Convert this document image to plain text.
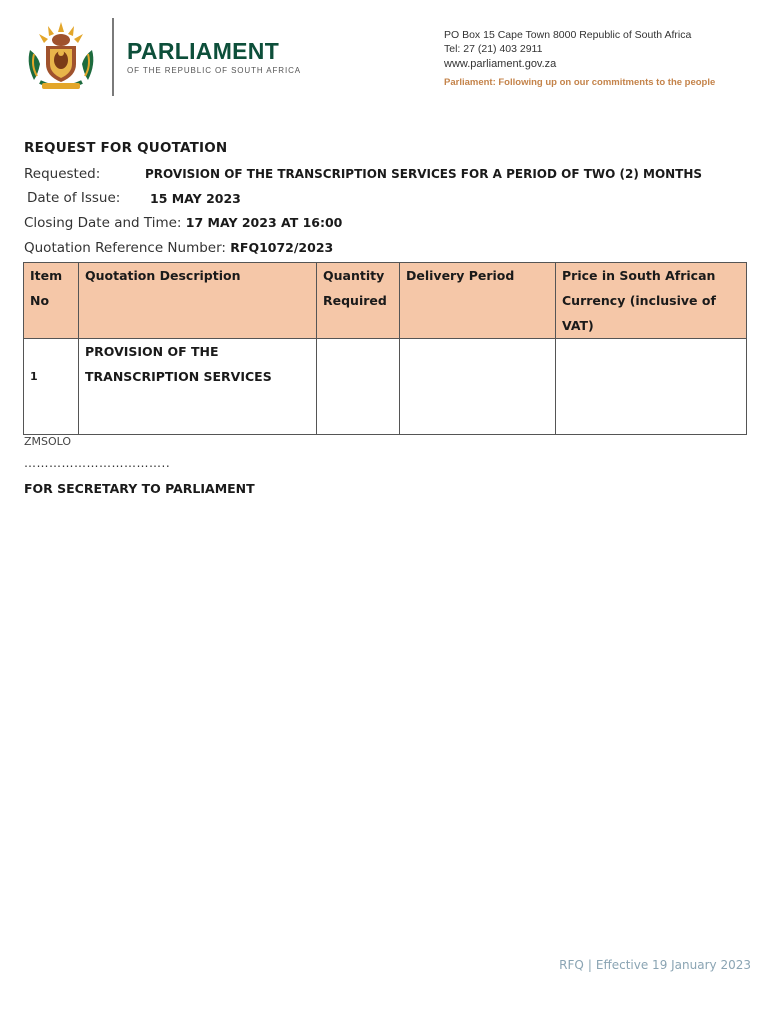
PARLIAMENT
OF THE REPUBLIC OF SOUTH AFRICA
PO Box 15 Cape Town 8000 Republic of South Africa
Tel: 27 (21) 403 2911
www.parliament.gov.za
Parliament: Following up on our commitments to the people
REQUEST FOR QUOTATION
Requested:	PROVISION OF THE TRANSCRIPTION SERVICES FOR A PERIOD OF TWO (2) MONTHS
Date of Issue: 15 MAY 2023
Closing Date and Time: 17 MAY 2023 AT 16:00
Quotation Reference Number: RFQ1072/2023
Item No	Quotation Description	Quantity Required	Delivery Period	Price in South African Currency (inclusive of VAT)
1	PROVISION OF THE TRANSCRIPTION SERVICES			
ZMSOLO
……………………………..
FOR SECRETARY TO PARLIAMENT
RFQ | Effective 19 January 2023
